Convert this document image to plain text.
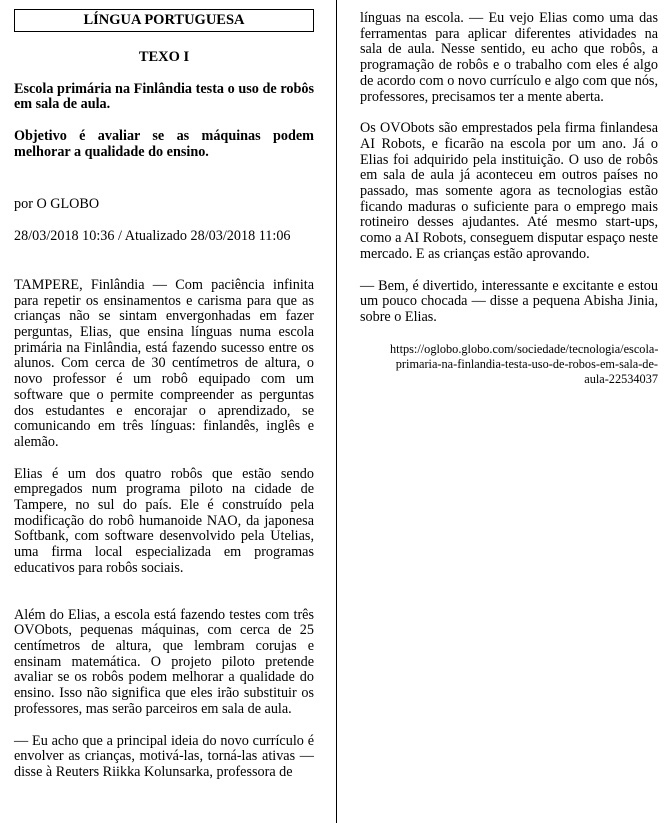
LÍNGUA PORTUGUESA
TEXO I
Escola primária na Finlândia testa o uso de robôs em sala de aula.
Objetivo é avaliar se as máquinas podem melhorar a qualidade do ensino.

por O GLOBO

28/03/2018 10:36 / Atualizado 28/03/2018 11:06

TAMPERE, Finlândia — Com paciência infinita para repetir os ensinamentos e carisma para que as crianças não se sintam envergonhadas em fazer perguntas, Elias, que ensina línguas numa escola primária na Finlândia, está fazendo sucesso entre os alunos. Com cerca de 30 centímetros de altura, o novo professor é um robô equipado com um software que o permite compreender as perguntas dos estudantes e encorajar o aprendizado, se comunicando em três línguas: finlandês, inglês e alemão.

Elias é um dos quatro robôs que estão sendo empregados num programa piloto na cidade de Tampere, no sul do país. Ele é construído pela modificação do robô humanoide NAO, da japonesa Softbank, com software desenvolvido pela Utelias, uma firma local especializada em programas educativos para robôs sociais.

Além do Elias, a escola está fazendo testes com três OVObots, pequenas máquinas, com cerca de 25 centímetros de altura, que lembram corujas e ensinam matemática. O projeto piloto pretende avaliar se os robôs podem melhorar a qualidade do ensino. Isso não significa que eles irão substituir os professores, mas serão parceiros em sala de aula.

— Eu acho que a principal ideia do novo currículo é envolver as crianças, motivá-las, torná-las ativas — disse à Reuters Riikka Kolunsarka, professora de

línguas na escola. — Eu vejo Elias como uma das ferramentas para aplicar diferentes atividades na sala de aula. Nesse sentido, eu acho que robôs, a programação de robôs e o trabalho com eles é algo de acordo com o novo currículo e algo com que nós, professores, precisamos ter a mente aberta.

Os OVObots são emprestados pela firma finlandesa AI Robots, e ficarão na escola por um ano. Já o Elias foi adquirido pela instituição. O uso de robôs em sala de aula já aconteceu em outros países no passado, mas somente agora as tecnologias estão ficando maduras o suficiente para o emprego mais rotineiro desses ajudantes. Até mesmo start-ups, como a AI Robots, conseguem disputar espaço neste mercado. E as crianças estão aprovando.

— Bem, é divertido, interessante e excitante e estou um pouco chocada — disse a pequena Abisha Jinia, sobre o Elias.

https://oglobo.globo.com/sociedade/tecnologia/escola-primaria-na-finlandia-testa-uso-de-robos-em-sala-de-aula-22534037
